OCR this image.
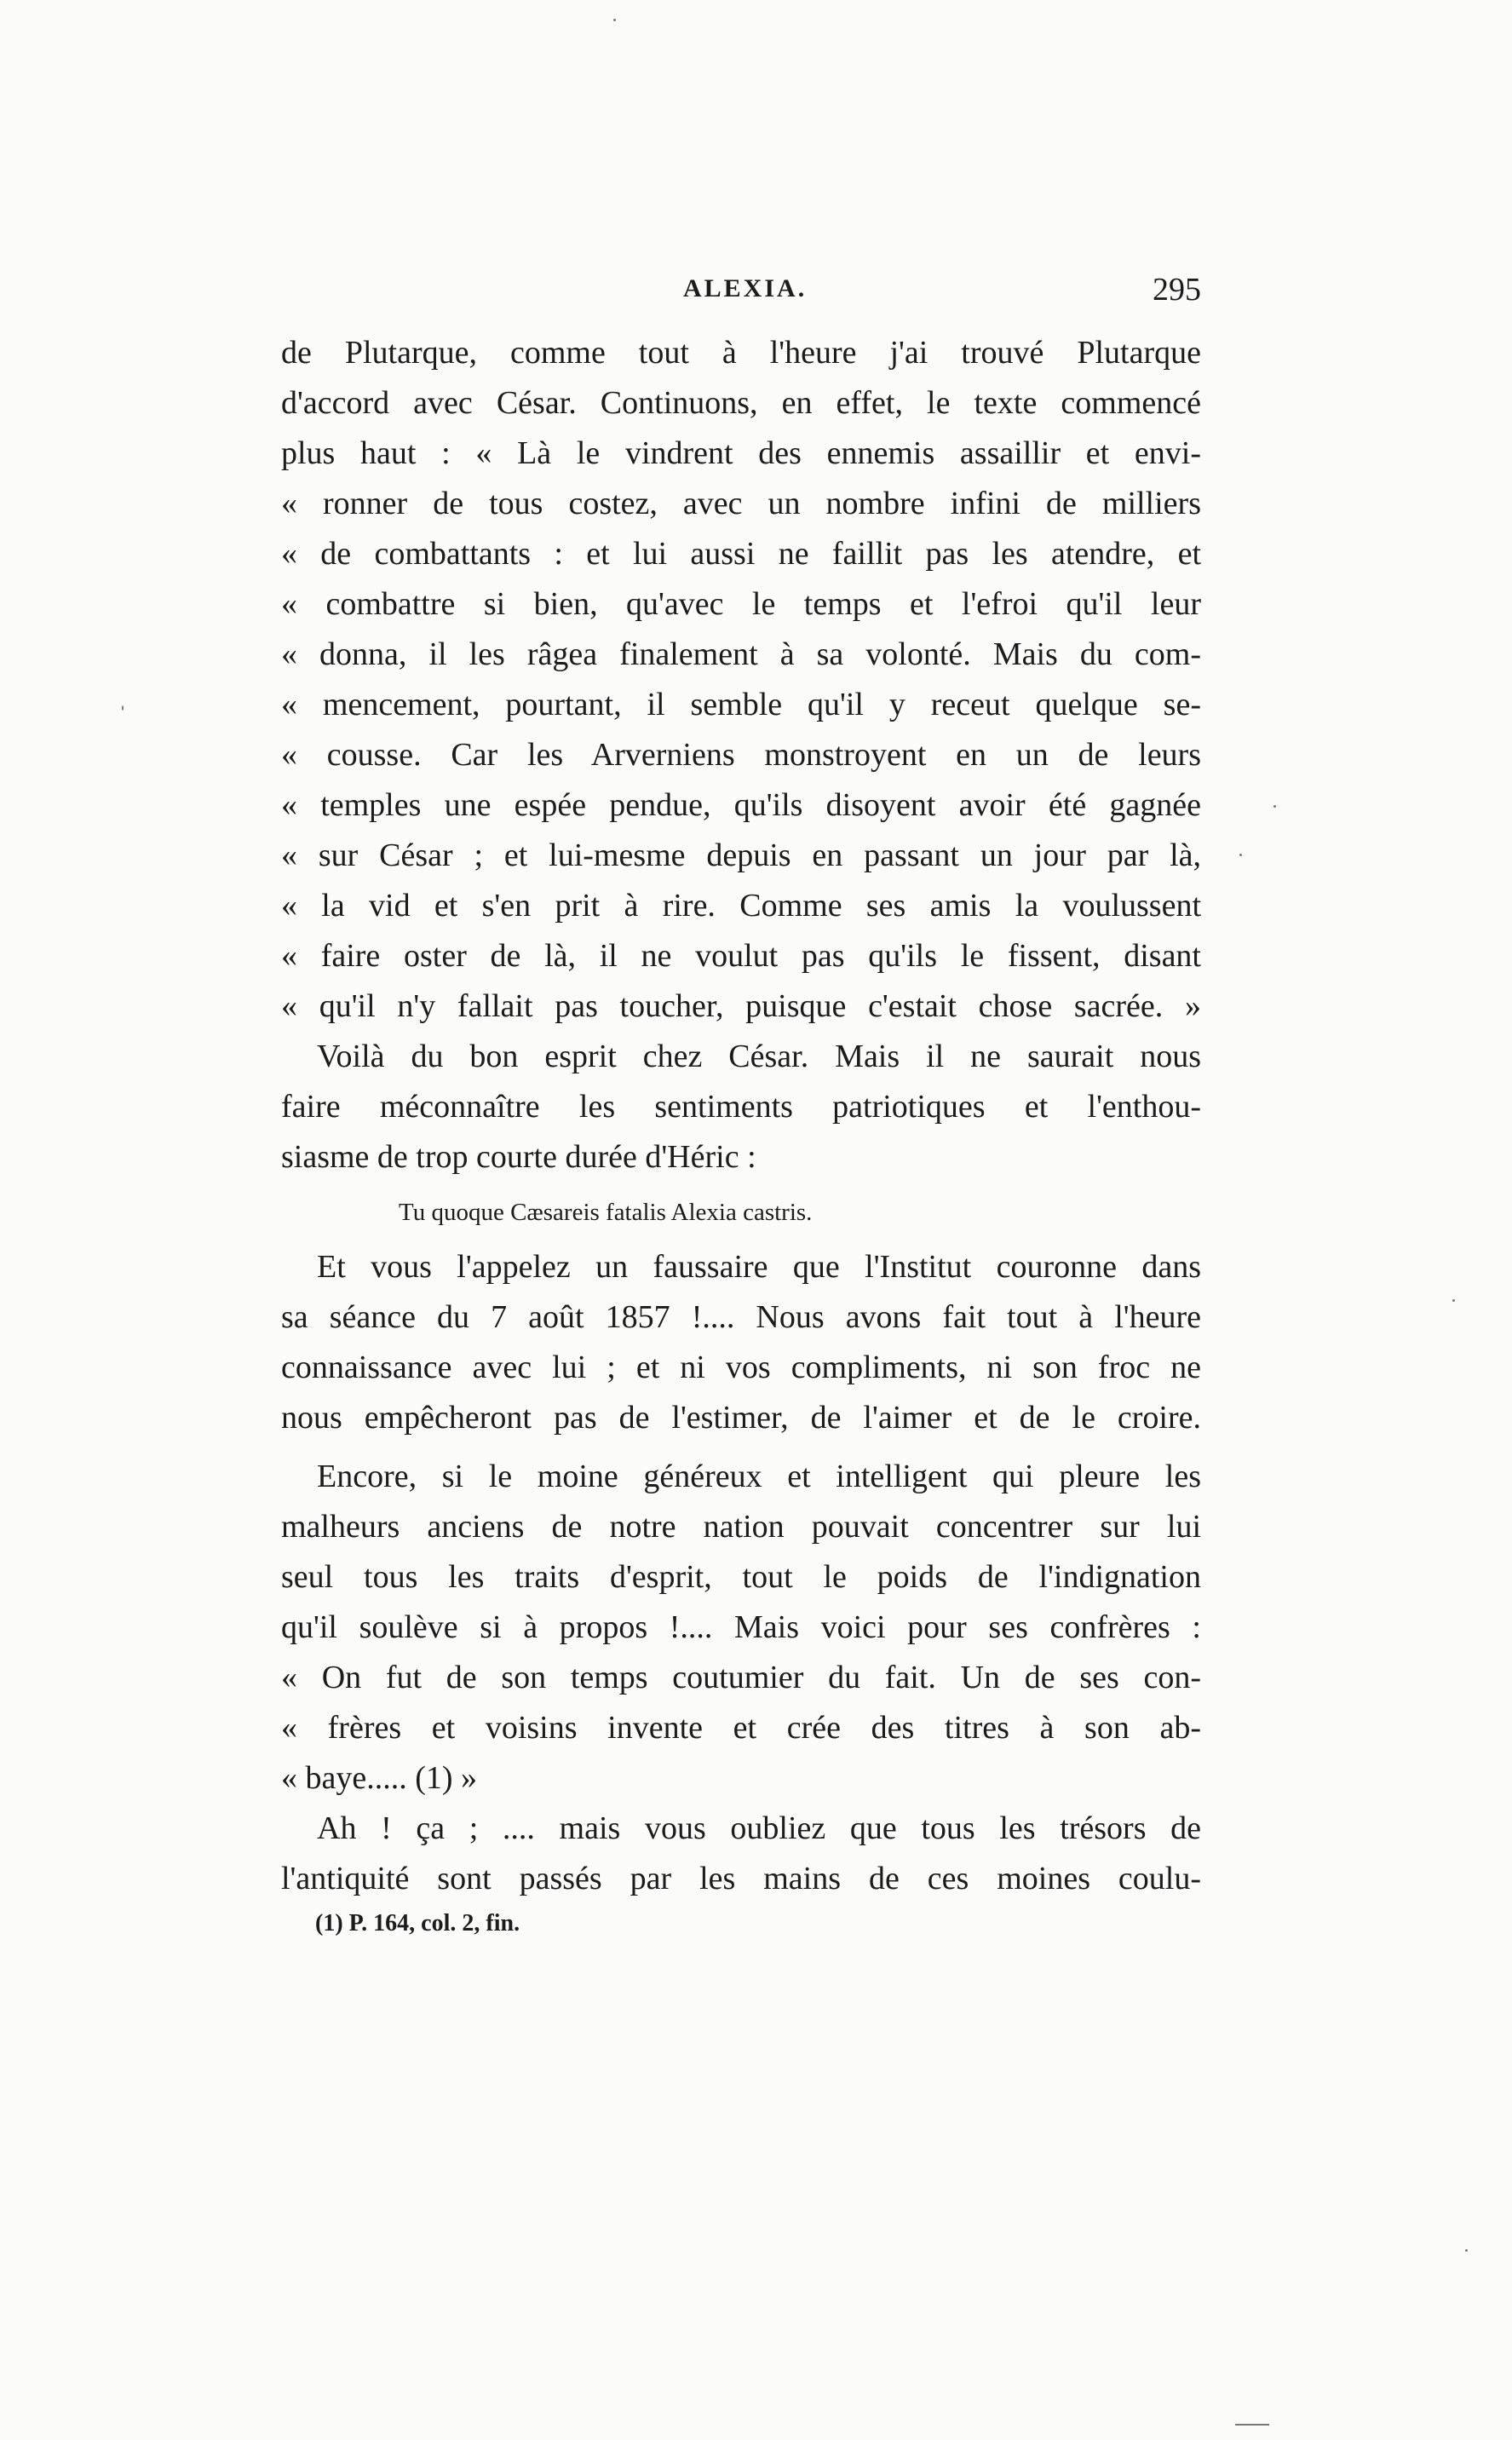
ALEXIA.	295
de Plutarque, comme tout à l'heure j'ai trouvé Plutarque
d'accord avec César. Continuons, en effet, le texte commencé
plus haut : « Là le vindrent des ennemis assaillir et envi-
« ronner de tous costez, avec un nombre infini de milliers
« de combattants : et lui aussi ne faillit pas les atendre, et
« combattre si bien, qu'avec le temps et l'efroi qu'il leur
« donna, il les râgea finalement à sa volonté. Mais du com-
« mencement, pourtant, il semble qu'il y receut quelque se-
« cousse. Car les Arverniens monstroyent en un de leurs
« temples une espée pendue, qu'ils disoyent avoir été gagnée
« sur César ; et lui-mesme depuis en passant un jour par là,
« la vid et s'en prit à rire. Comme ses amis la voulussent
« faire oster de là, il ne voulut pas qu'ils le fissent, disant
« qu'il n'y fallait pas toucher, puisque c'estait chose sacrée. »
Voilà du bon esprit chez César. Mais il ne saurait nous
faire méconnaître les sentiments patriotiques et l'enthou-
siasme de trop courte durée d'Héric :
Tu quoque Cæsareis fatalis Alexia castris.
Et vous l'appelez un faussaire que l'Institut couronne dans
sa séance du 7 août 1857 !.... Nous avons fait tout à l'heure
connaissance avec lui ; et ni vos compliments, ni son froc ne
nous empêcheront pas de l'estimer, de l'aimer et de le croire.
Encore, si le moine généreux et intelligent qui pleure les
malheurs anciens de notre nation pouvait concentrer sur lui
seul tous les traits d'esprit, tout le poids de l'indignation
qu'il soulève si à propos !.... Mais voici pour ses confrères :
« On fut de son temps coutumier du fait. Un de ses con-
« frères et voisins invente et crée des titres à son ab-
« baye..... (1) »
Ah ! ça ; .... mais vous oubliez que tous les trésors de
l'antiquité sont passés par les mains de ces moines coulu-
(1) P. 164, col. 2, fin.
